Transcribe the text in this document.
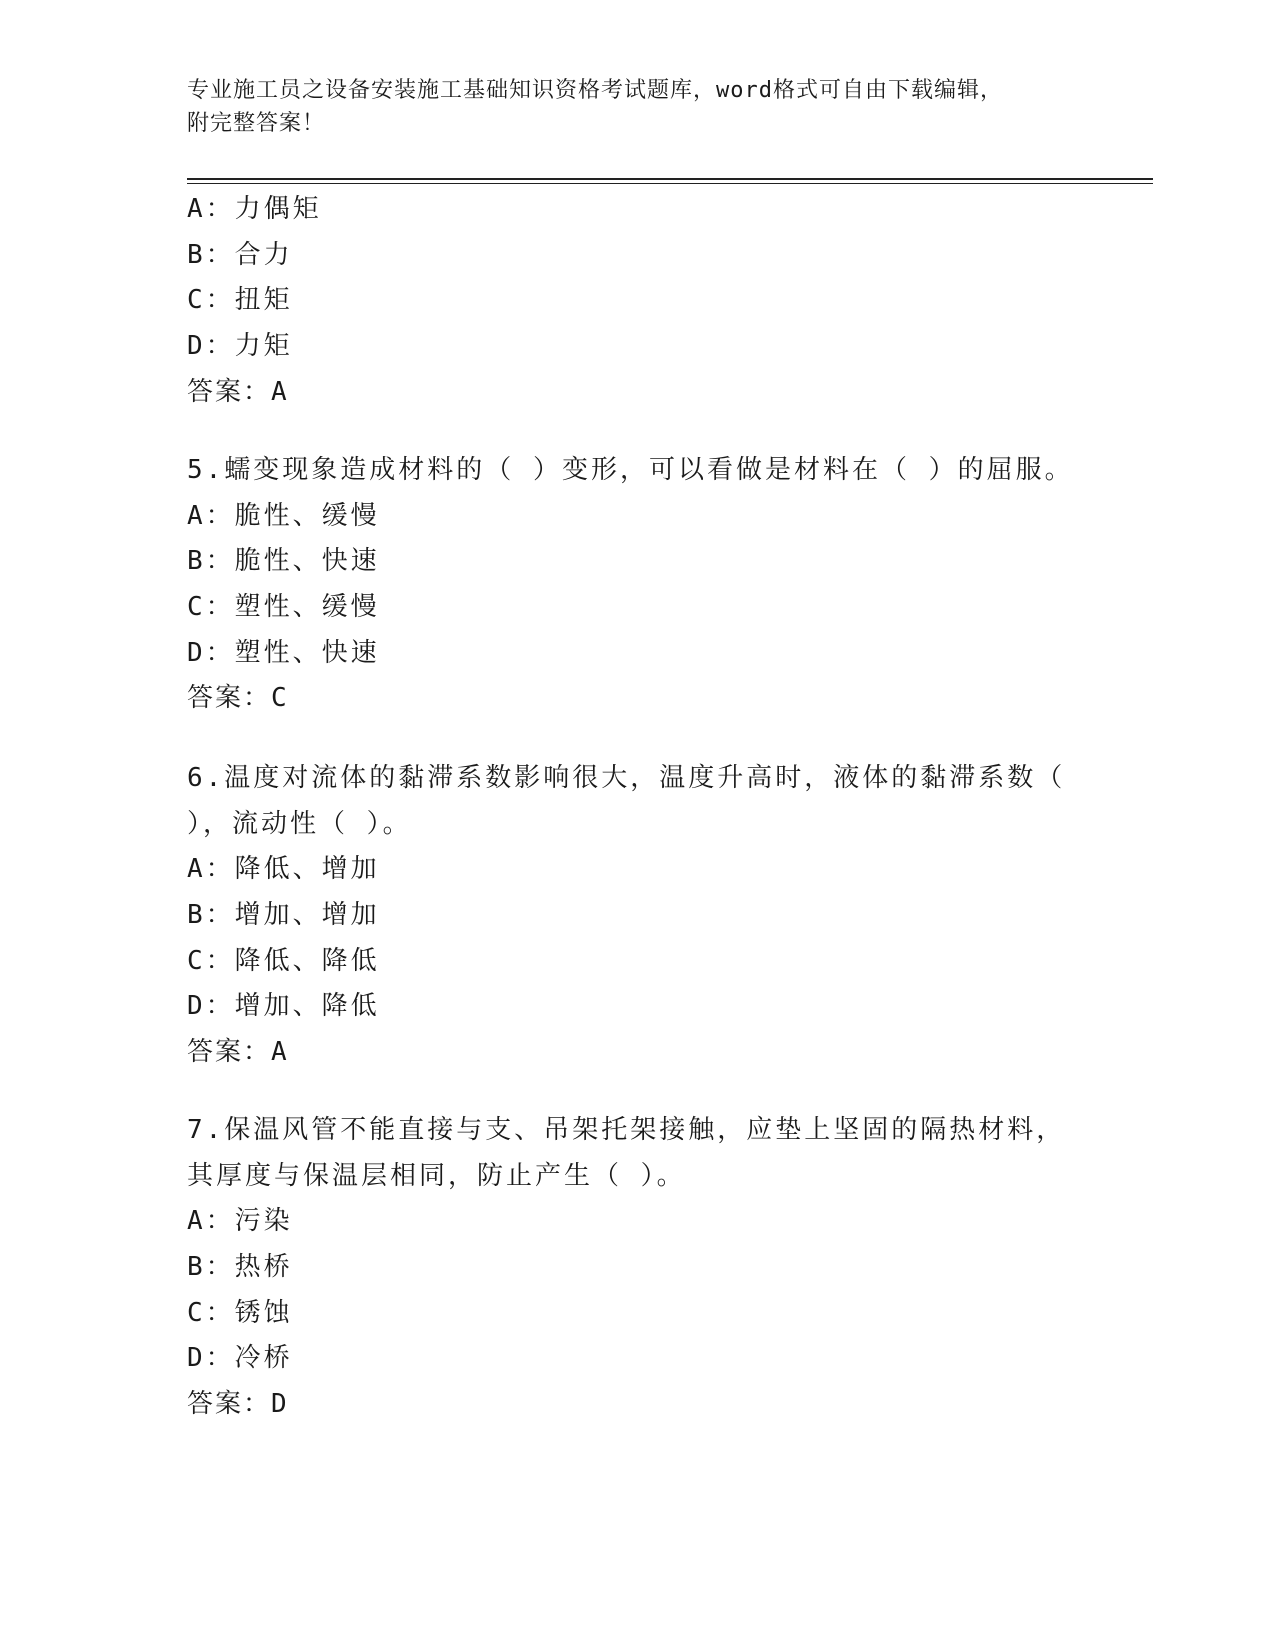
专业施工员之设备安装施工基础知识资格考试题库，word格式可自由下载编辑，
附完整答案！
A：力偶矩
B：合力
C：扭矩
D：力矩
答案：A
5.蠕变现象造成材料的（ ）变形，可以看做是材料在（ ）的屈服。
A：脆性、缓慢
B：脆性、快速
C：塑性、缓慢
D：塑性、快速
答案：C
6.温度对流体的黏滞系数影响很大，温度升高时，液体的黏滞系数（
），流动性（ ）。
A：降低、增加
B：增加、增加
C：降低、降低
D：增加、降低
答案：A
7.保温风管不能直接与支、吊架托架接触，应垫上坚固的隔热材料，
其厚度与保温层相同，防止产生（ ）。
A：污染
B：热桥
C：锈蚀
D：冷桥
答案：D
